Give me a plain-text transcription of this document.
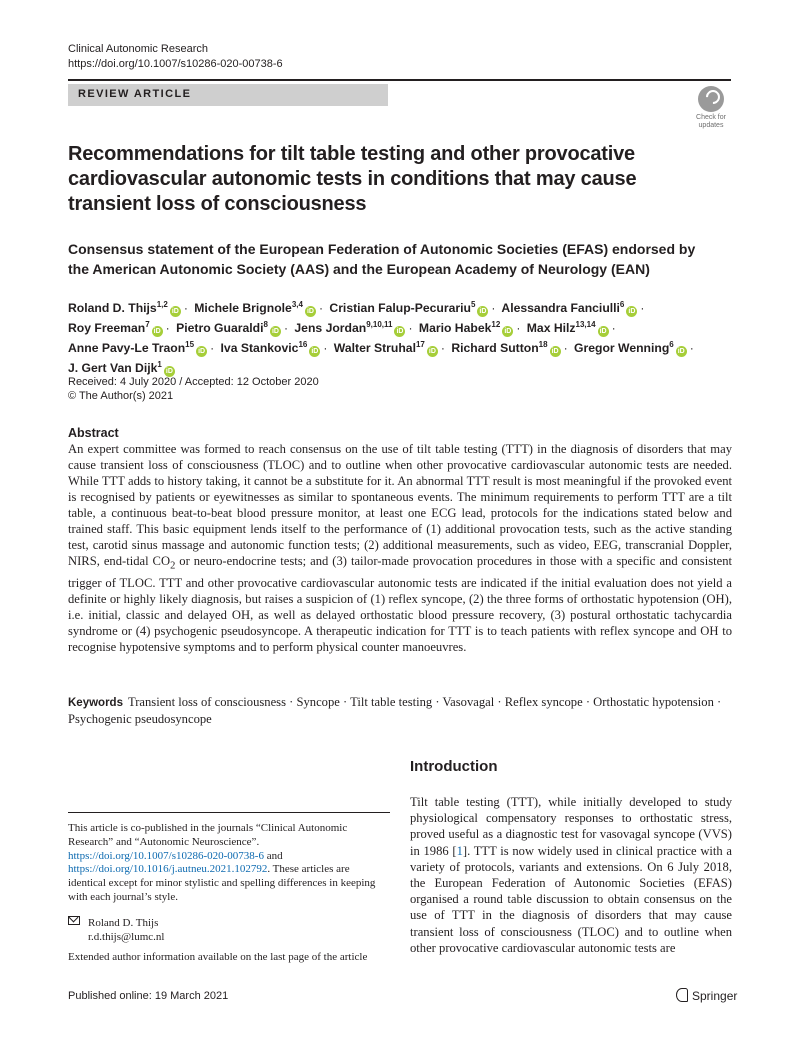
Clinical Autonomic Research
https://doi.org/10.1007/s10286-020-00738-6
REVIEW ARTICLE
Check for updates
Recommendations for tilt table testing and other provocative cardiovascular autonomic tests in conditions that may cause transient loss of consciousness
Consensus statement of the European Federation of Autonomic Societies (EFAS) endorsed by the American Autonomic Society (AAS) and the European Academy of Neurology (EAN)
Roland D. Thijs$^{1,2}$iD · Michele Brignole$^{3,4}$iD · Cristian Falup‑Pecurariu$^5$iD · Alessandra Fanciulli$^6$iD · Roy Freeman$^7$iD · Pietro Guaraldi$^8$iD · Jens Jordan$^{9,10,11}$iD · Mario Habek$^{12}$iD · Max Hilz$^{13,14}$iD · Anne Pavy‑Le Traon$^{15}$iD · Iva Stankovic$^{16}$iD · Walter Struhal$^{17}$iD · Richard Sutton$^{18}$iD · Gregor Wenning$^6$iD · J. Gert Van Dijk$^1$iD
Received: 4 July 2020 / Accepted: 12 October 2020
© The Author(s) 2021
Abstract
An expert committee was formed to reach consensus on the use of tilt table testing (TTT) in the diagnosis of disorders that may cause transient loss of consciousness (TLOC) and to outline when other provocative cardiovascular autonomic tests are needed. While TTT adds to history taking, it cannot be a substitute for it. An abnormal TTT result is most meaningful if the provoked event is recognised by patients or eyewitnesses as similar to spontaneous events. The minimum requirements to perform TTT are a tilt table, a continuous beat-to-beat blood pressure monitor, at least one ECG lead, protocols for the indications stated below and trained staff. This basic equipment lends itself to the performance of (1) additional provocation tests, such as the active standing test, carotid sinus massage and autonomic function tests; (2) additional measurements, such as video, EEG, transcranial Doppler, NIRS, end-tidal $CO_2$ or neuro-endocrine tests; and (3) tailor-made provocation procedures in those with a specific and consistent trigger of TLOC. TTT and other provocative cardiovascular autonomic tests are indicated if the initial evaluation does not yield a definite or highly likely diagnosis, but raises a suspicion of (1) reflex syncope, (2) the three forms of orthostatic hypotension (OH), i.e. initial, classic and delayed OH, as well as delayed orthostatic blood pressure recovery, (3) postural orthostatic tachycardia syndrome or (4) psychogenic pseudosyncope. A therapeutic indication for TTT is to teach patients with reflex syncope and OH to recognise hypotensive symptoms and to perform physical counter manoeuvres.
Keywords Transient loss of consciousness · Syncope · Tilt table testing · Vasovagal · Reflex syncope · Orthostatic hypotension · Psychogenic pseudosyncope
This article is co-published in the journals “Clinical Autonomic Research” and “Autonomic Neuroscience”. https://doi.org/10.1007/s10286-020-00738-6 and https://doi.org/10.1016/j.autneu.2021.102792. These articles are identical except for minor stylistic and spelling differences in keeping with each journal’s style.
Roland D. Thijs
r.d.thijs@lumc.nl
Extended author information available on the last page of the article
Introduction
Tilt table testing (TTT), while initially developed to study physiological compensatory responses to orthostatic stress, proved useful as a diagnostic test for vasovagal syncope (VVS) in 1986 [1]. TTT is now widely used in clinical practice with a variety of protocols, variants and extensions. On 6 July 2018, the European Federation of Autonomic Societies (EFAS) organised a round table discussion to obtain consensus on the use of TTT in the diagnosis of disorders that may cause transient loss of consciousness (TLOC) and to outline when other provocative cardiovascular autonomic tests are
Published online: 19 March 2021	Springer
